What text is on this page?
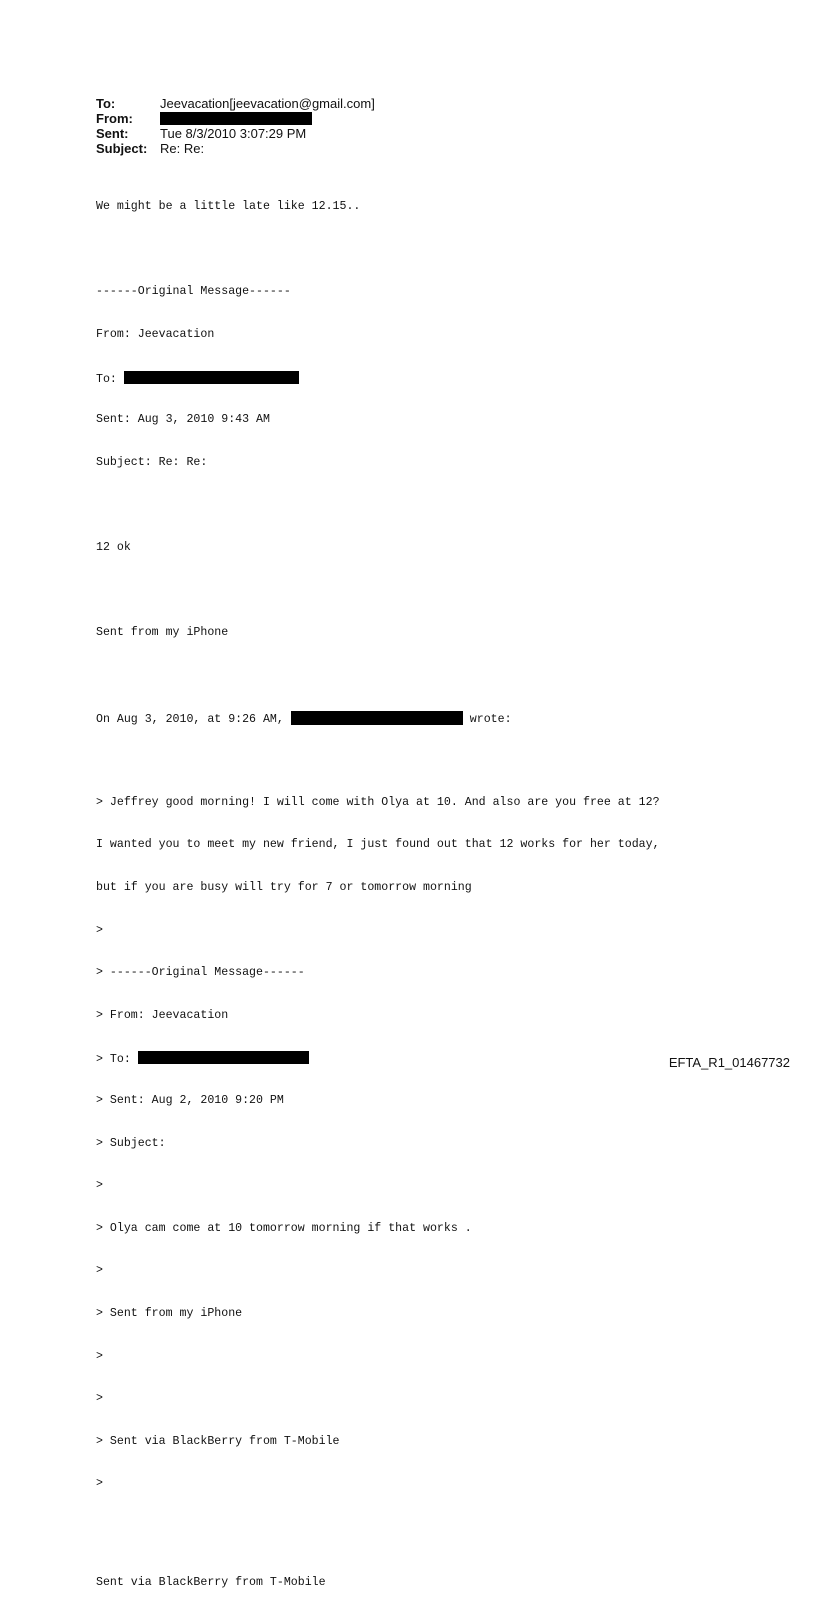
To:	Jeevacation[jeevacation@gmail.com]
From:
Sent:	Tue 8/3/2010 3:07:29 PM
Subject: Re: Re:

We might be a little late like 12.15..

------Original Message------

From: Jeevacation

To:

Sent: Aug 3, 2010 9:43 AM

Subject: Re: Re:

12 ok

Sent from my iPhone

On Aug 3, 2010, at 9:26 AM,	wrote:

> Jeffrey good morning! I will come with Olya at 10. And also are you free at 12?

I wanted you to meet my new friend, I just found out that 12 works for her today,

but if you are busy will try for 7 or tomorrow morning

>

> ------Original Message------

> From: Jeevacation

> To:

> Sent: Aug 2, 2010 9:20 PM

> Subject:

>

> Olya cam come at 10 tomorrow morning if that works .

>

> Sent from my iPhone

>

>

> Sent via BlackBerry from T-Mobile

>

Sent via BlackBerry from T-Mobile

EFTA_R1_01467732
